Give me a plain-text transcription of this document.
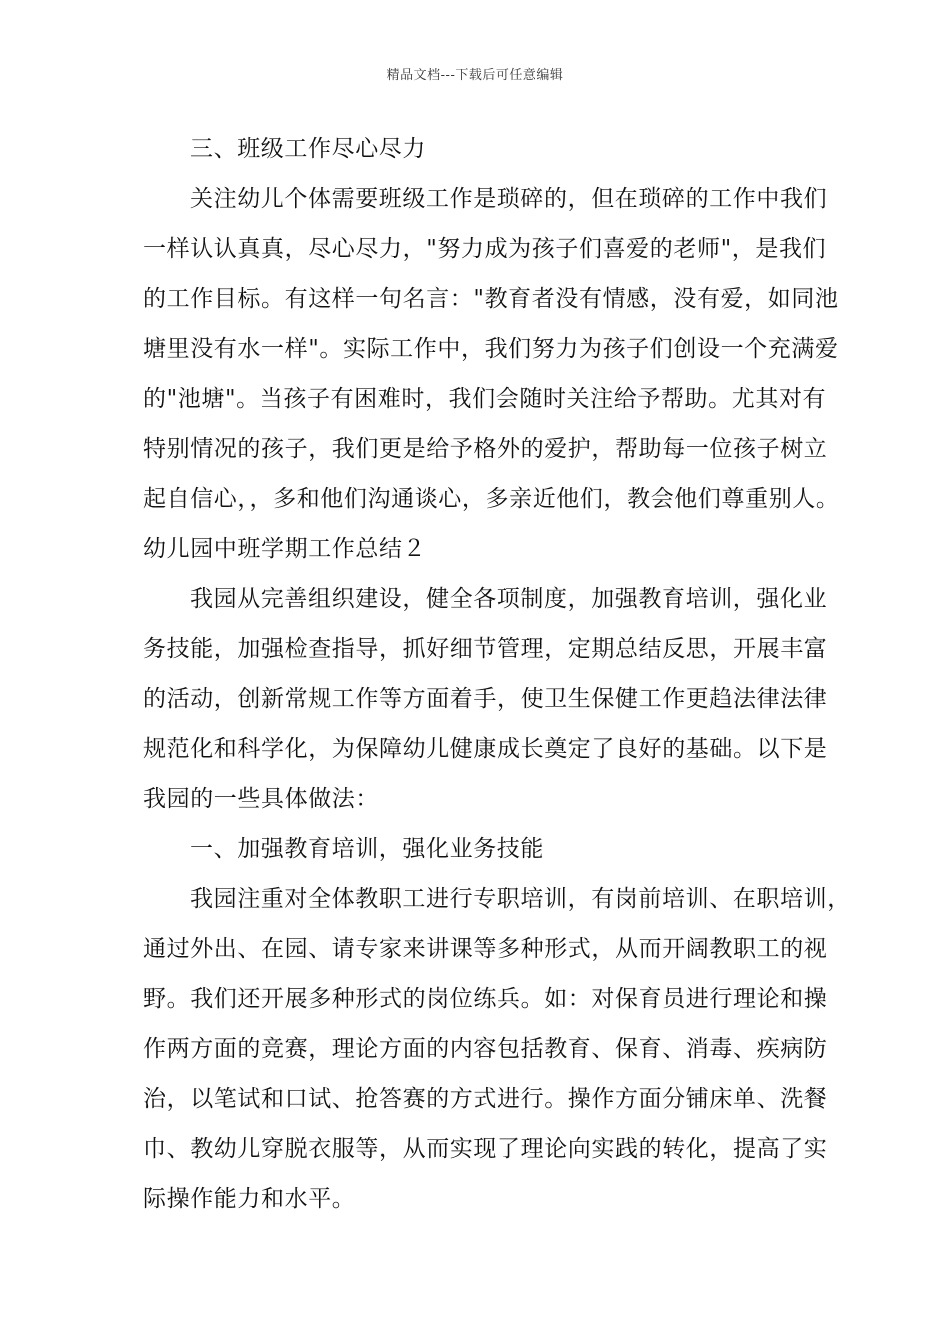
精品文档---下载后可任意编辑
三、班级工作尽心尽力
关注幼儿个体需要班级工作是琐碎的，但在琐碎的工作中我们
一样认认真真，尽心尽力，"努力成为孩子们喜爱的老师"，是我们
的工作目标。有这样一句名言："教育者没有情感，没有爱，如同池
塘里没有水一样"。实际工作中，我们努力为孩子们创设一个充满爱
的"池塘"。当孩子有困难时，我们会随时关注给予帮助。尤其对有
特别情况的孩子，我们更是给予格外的爱护，帮助每一位孩子树立
起自信心，，多和他们沟通谈心，多亲近他们，教会他们尊重别人。
幼儿园中班学期工作总结２
我园从完善组织建设，健全各项制度，加强教育培训，强化业
务技能，加强检查指导，抓好细节管理，定期总结反思，开展丰富
的活动，创新常规工作等方面着手，使卫生保健工作更趋法律法律
规范化和科学化，为保障幼儿健康成长奠定了良好的基础。以下是
我园的一些具体做法：
一、加强教育培训，强化业务技能
我园注重对全体教职工进行专职培训，有岗前培训、在职培训，
通过外出、在园、请专家来讲课等多种形式，从而开阔教职工的视
野。我们还开展多种形式的岗位练兵。如：对保育员进行理论和操
作两方面的竞赛，理论方面的内容包括教育、保育、消毒、疾病防
治，以笔试和口试、抢答赛的方式进行。操作方面分铺床单、洗餐
巾、教幼儿穿脱衣服等，从而实现了理论向实践的转化，提高了实
际操作能力和水平。
